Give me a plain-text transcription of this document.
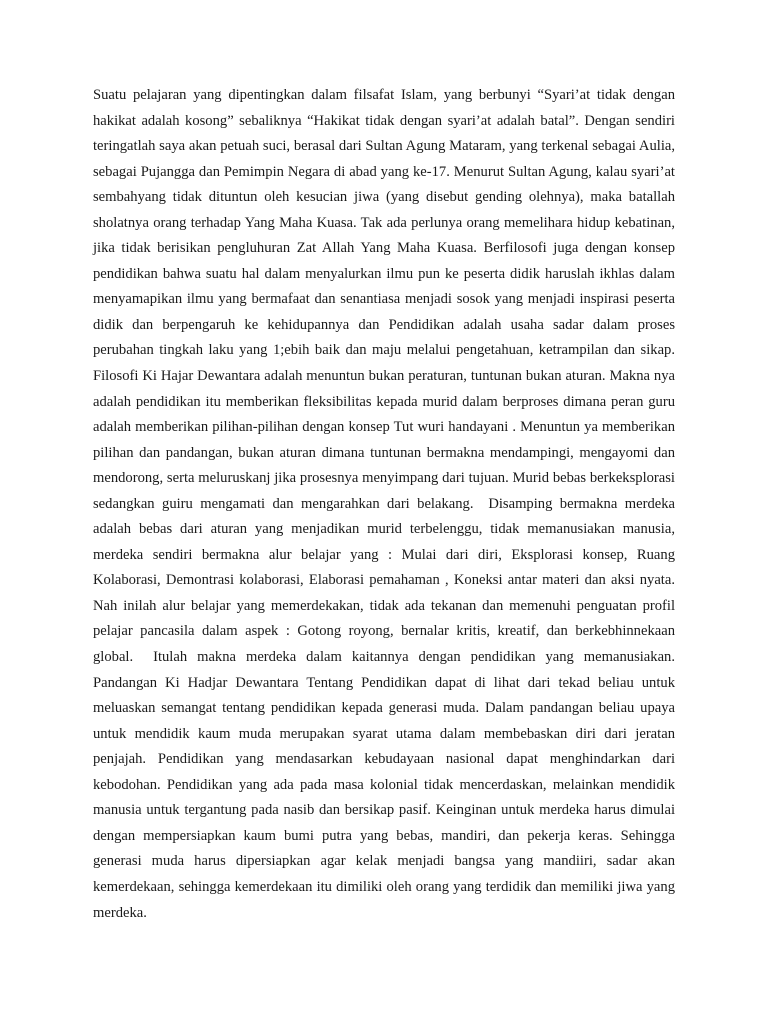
Suatu pelajaran yang dipentingkan dalam filsafat Islam, yang berbunyi “Syari’at tidak dengan hakikat adalah kosong” sebaliknya “Hakikat tidak dengan syari’at adalah batal”. Dengan sendiri teringatlah saya akan petuah suci, berasal dari Sultan Agung Mataram, yang terkenal sebagai Aulia, sebagai Pujangga dan Pemimpin Negara di abad yang ke-17. Menurut Sultan Agung, kalau syari’at sembahyang tidak dituntun oleh kesucian jiwa (yang disebut gending olehnya), maka batallah sholatnya orang terhadap Yang Maha Kuasa. Tak ada perlunya orang memelihara hidup kebatinan, jika tidak berisikan pengluhuran Zat Allah Yang Maha Kuasa. Berfilosofi juga dengan konsep pendidikan bahwa suatu hal dalam menyalurkan ilmu pun ke peserta didik haruslah ikhlas dalam menyamapikan ilmu yang bermafaat dan senantiasa menjadi sosok yang menjadi inspirasi peserta didik dan berpengaruh ke kehidupannya dan Pendidikan adalah usaha sadar dalam proses perubahan tingkah laku yang 1;ebih baik dan maju melalui pengetahuan, ketrampilan dan sikap. Filosofi Ki Hajar Dewantara adalah menuntun bukan peraturan, tuntunan bukan aturan. Makna nya adalah pendidikan itu memberikan fleksibilitas kepada murid dalam berproses dimana peran guru adalah memberikan pilihan-pilihan dengan konsep Tut wuri handayani . Menuntun ya memberikan pilihan dan pandangan, bukan aturan dimana tuntunan bermakna mendampingi, mengayomi dan mendorong, serta meluruskanj jika prosesnya menyimpang dari tujuan. Murid bebas berkeksplorasi sedangkan guiru mengamati dan mengarahkan dari belakang.  Disamping bermakna merdeka adalah bebas dari aturan yang menjadikan murid terbelenggu, tidak memanusiakan manusia, merdeka sendiri bermakna alur belajar yang : Mulai dari diri, Eksplorasi konsep, Ruang Kolaborasi, Demontrasi kolaborasi, Elaborasi pemahaman , Koneksi antar materi dan aksi nyata. Nah inilah alur belajar yang memerdekakan, tidak ada tekanan dan memenuhi penguatan profil pelajar pancasila dalam aspek : Gotong royong, bernalar kritis, kreatif, dan berkebhinnekaan global.  Itulah makna merdeka dalam kaitannya dengan pendidikan yang memanusiakan. Pandangan Ki Hadjar Dewantara Tentang Pendidikan dapat di lihat dari tekad beliau untuk meluaskan semangat tentang pendidikan kepada generasi muda. Dalam pandangan beliau upaya untuk mendidik kaum muda merupakan syarat utama dalam membebaskan diri dari jeratan penjajah. Pendidikan yang mendasarkan kebudayaan nasional dapat menghindarkan dari kebodohan. Pendidikan yang ada pada masa kolonial tidak mencerdaskan, melainkan mendidik manusia untuk tergantung pada nasib dan bersikap pasif. Keinginan untuk merdeka harus dimulai dengan mempersiapkan kaum bumi putra yang bebas, mandiri, dan pekerja keras. Sehingga generasi muda harus dipersiapkan agar kelak menjadi bangsa yang mandiiri, sadar akan kemerdekaan, sehingga kemerdekaan itu dimiliki oleh orang yang terdidik dan memiliki jiwa yang merdeka.
